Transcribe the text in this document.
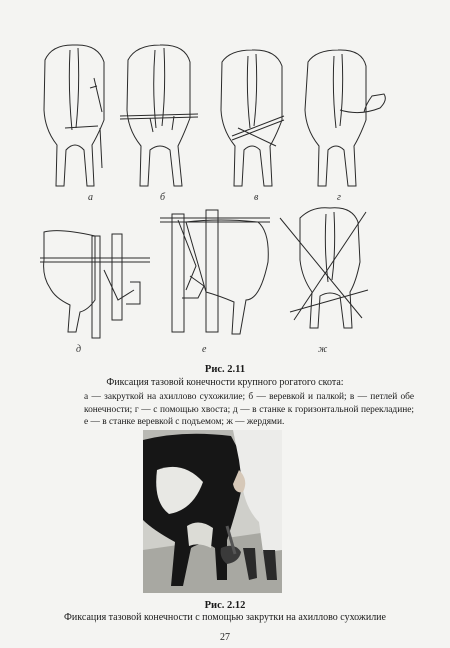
а	б	в	г
д	е	ж
Рис. 2.11
Фиксация тазовой конечности крупного рогатого скота:
а — закруткой на ахиллово сухожилие; б — веревкой и палкой; в — петлей обе конечности; г — с помощью хвоста; д — в станке к горизонтальной перекладине; е — в станке веревкой с подъемом; ж — жердями.
Рис. 2.12
Фиксация тазовой конечности с помощью закрутки на ахиллово сухожилие
27
